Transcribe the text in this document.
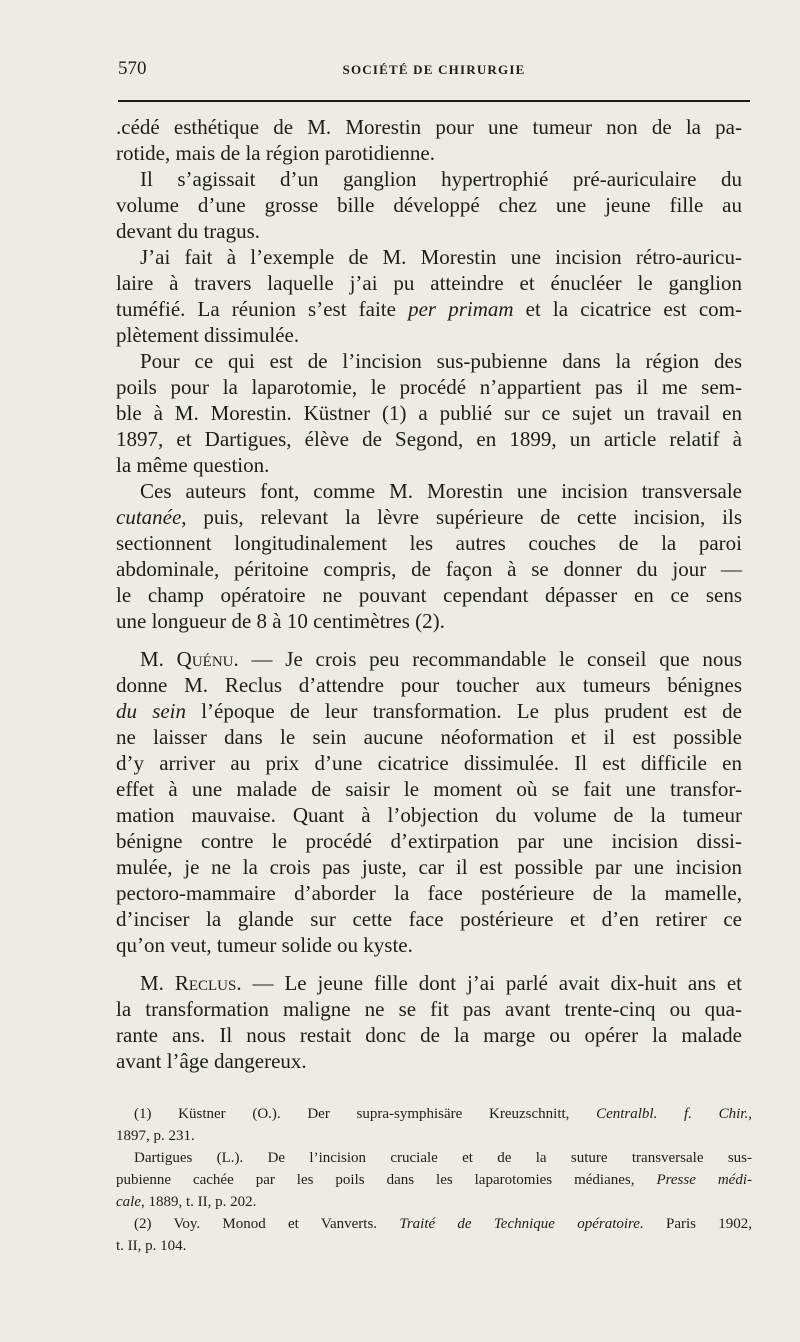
570	SOCIÉTÉ DE CHIRURGIE

.cédé esthétique de M. Morestin pour une tumeur non de la pa-
rotide, mais de la région parotidienne.

Il s’agissait d’un ganglion hypertrophié pré-auriculaire du
volume d’une grosse bille développé chez une jeune fille au
devant du tragus.

J’ai fait à l’exemple de M. Morestin une incision rétro-auricu-
laire à travers laquelle j’ai pu atteindre et énucléer le ganglion
tuméfié. La réunion s’est faite per primam et la cicatrice est com-
plètement dissimulée.

Pour ce qui est de l’incision sus-pubienne dans la région des
poils pour la laparotomie, le procédé n’appartient pas il me sem-
ble à M. Morestin. Küstner (1) a publié sur ce sujet un travail en
1897, et Dartigues, élève de Segond, en 1899, un article relatif à
la même question.

Ces auteurs font, comme M. Morestin une incision transversale
cutanée, puis, relevant la lèvre supérieure de cette incision, ils
sectionnent longitudinalement les autres couches de la paroi
abdominale, péritoine compris, de façon à se donner du jour —
le champ opératoire ne pouvant cependant dépasser en ce sens
une longueur de 8 à 10 centimètres (2).

M. Quénu. — Je crois peu recommandable le conseil que nous
donne M. Reclus d’attendre pour toucher aux tumeurs bénignes
du sein l’époque de leur transformation. Le plus prudent est de
ne laisser dans le sein aucune néoformation et il est possible
d’y arriver au prix d’une cicatrice dissimulée. Il est difficile en
effet à une malade de saisir le moment où se fait une transfor-
mation mauvaise. Quant à l’objection du volume de la tumeur
bénigne contre le procédé d’extirpation par une incision dissi-
mulée, je ne la crois pas juste, car il est possible par une incision
pectoro-mammaire d’aborder la face postérieure de la mamelle,
d’inciser la glande sur cette face postérieure et d’en retirer ce
qu’on veut, tumeur solide ou kyste.

M. Reclus. — Le jeune fille dont j’ai parlé avait dix-huit ans et
la transformation maligne ne se fit pas avant trente-cinq ou qua-
rante ans. Il nous restait donc de la marge ou opérer la malade
avant l’âge dangereux.

(1) Küstner (O.). Der supra-symphisäre Kreuzschnitt, Centralbl. f. Chir.,
1897, p. 231.

Dartigues (L.). De l’incision cruciale et de la suture transversale sus-
pubienne cachée par les poils dans les laparotomies médianes, Presse médi-
cale, 1889, t. II, p. 202.

(2) Voy. Monod et Vanverts. Traité de Technique opératoire. Paris 1902,
t. II, p. 104.
